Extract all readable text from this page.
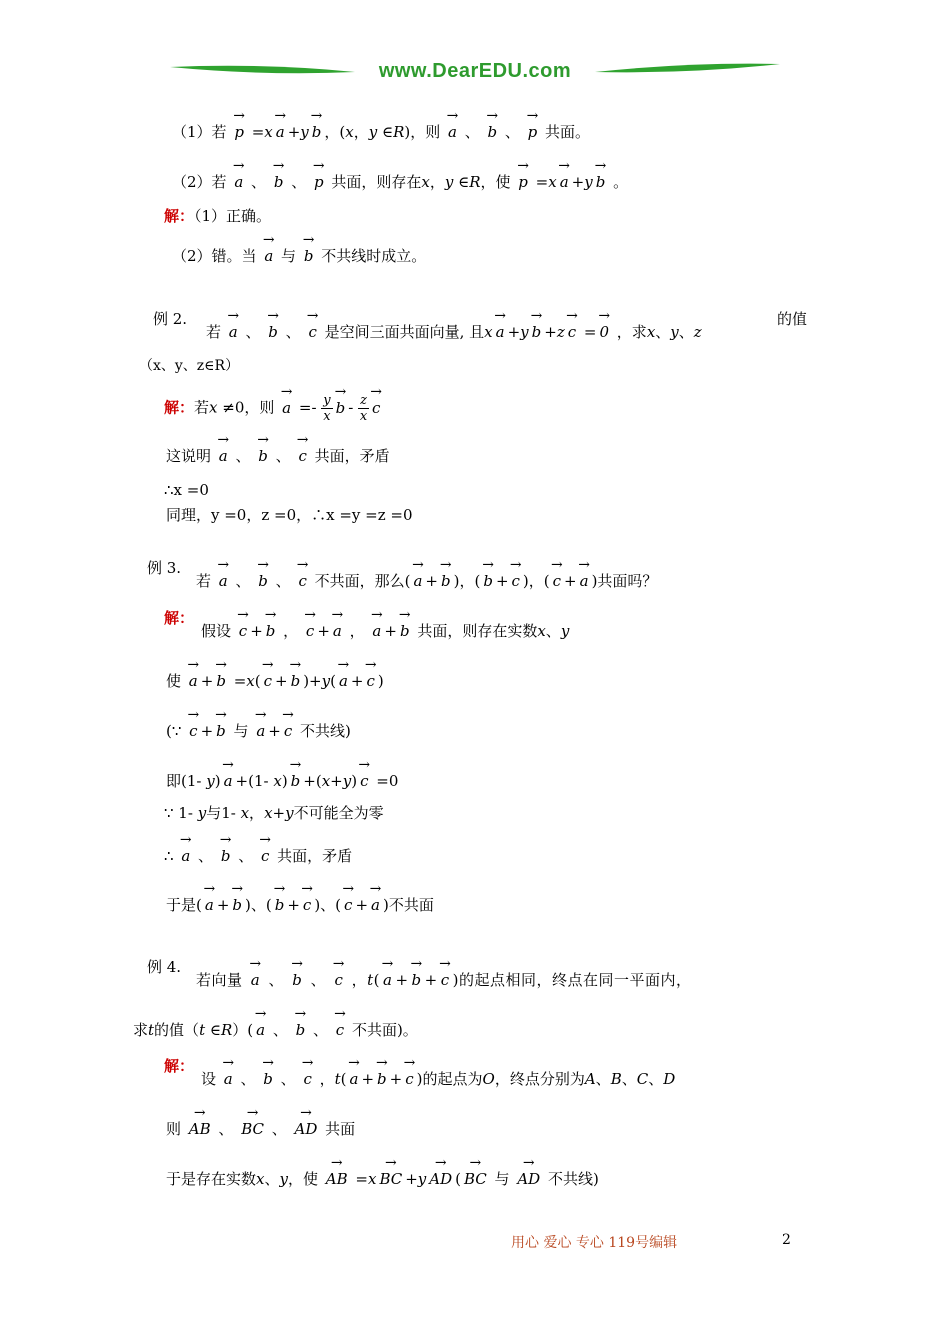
www.DearEDU.com
（1）若 → p =x→ a +y→ b ，(x，y ∈R)，则 → a 、 → b 、 → p 共面。
（2）若 → a 、 → b 、 → p 共面，则存在x，y ∈R，使 → p =x→ a +y→ b 。
解：（1）正确。
（2）错。当 → a 与 → b 不共线时成立。
例 2.
若 → a 、 → b 、 → c 是空间三面共面向量, 且x→ a +y→ b +z→ c =→ 0 ，求x、y、z
的值
（x、y、z∈R）
解：若x ≠0，则 → $a =- \frac{y}{x}$
→ b - $\frac{z}{x}$
→ c
这说明 → a 、 → b 、 → c 共面，矛盾
∴x =0
同理，y =0，z =0，∴x =y =z =0
例 3.
若 → a 、 → b 、 → c 不共面，那么(→ a +→ b )，(→ b +→ c )，(→ c +→ a )共面吗？
解：
假设 → c +→ b ， → c +→ a ， → a +→ b 共面，则存在实数x、y
使 → a +→ b =x(→ c +→ b )+y(→ a +→ c )
(∵ → c +→ b 与 → a +→ c 不共线)
即(1- y)→ a +(1- x)→ b +(x+y)→ c =0
∵ 1- y与1- x，x+y不可能全为零
∴ → a 、 → b 、 → c 共面，矛盾
于是(→ a +→ b )、(→ b +→ c )、(→ c +→ a )不共面
例 4.
若向量 → a 、 → b 、 → c ，t(→ a +→ b +→ c )的起点相同，终点在同一平面内，
求t的值（t ∈R）(→ a 、 → b 、 → c 不共面)。
解：
设 → a 、 → b 、 → c ，t(→ a +→ b +→ c )的起点为O，终点分别为A、B、C、D
则 → AB 、 → BC 、 → AD 共面
于是存在实数x、y，使 → AB =x→ BC +y→ AD (→ BC 与 → AD 不共线)
用心 爱心 专心 119号编辑	2
